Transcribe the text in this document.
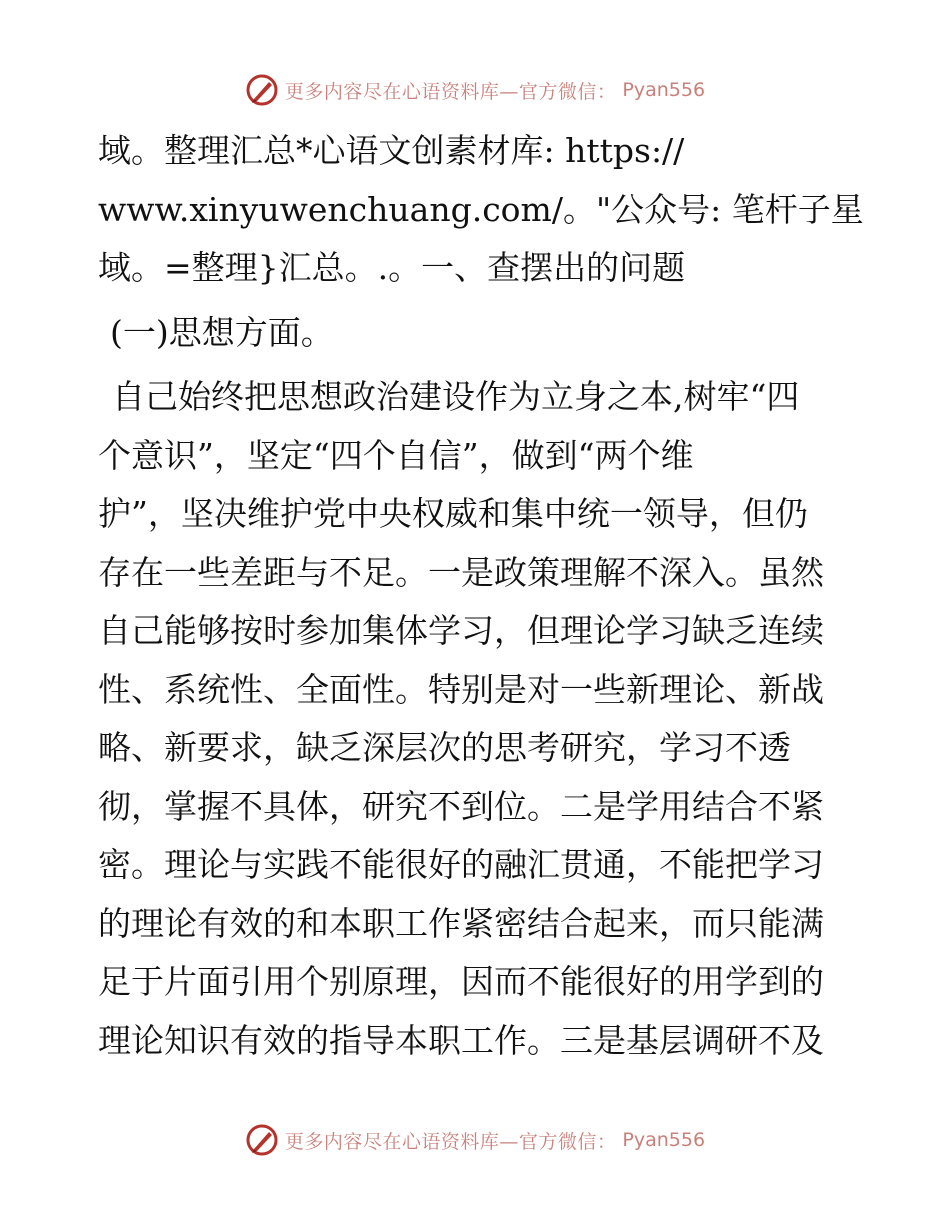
更多内容尽在心语资料库—官方微信： Pyan556
域。整理汇总*心语文创素材库: https://
www.xinyuwenchuang.com/。"公众号: 笔杆子星
域。=整理}汇总。.。一、查摆出的问题
(一)思想方面。
自己始终把思想政治建设作为立身之本,树牢“四
个意识”，坚定“四个自信”，做到“两个维
护”，坚决维护党中央权威和集中统一领导，但仍
存在一些差距与不足。一是政策理解不深入。虽然
自己能够按时参加集体学习，但理论学习缺乏连续
性、系统性、全面性。特别是对一些新理论、新战
略、新要求，缺乏深层次的思考研究，学习不透
彻，掌握不具体，研究不到位。二是学用结合不紧
密。理论与实践不能很好的融汇贯通，不能把学习
的理论有效的和本职工作紧密结合起来，而只能满
足于片面引用个别原理，因而不能很好的用学到的
理论知识有效的指导本职工作。三是基层调研不及
更多内容尽在心语资料库—官方微信： Pyan556
